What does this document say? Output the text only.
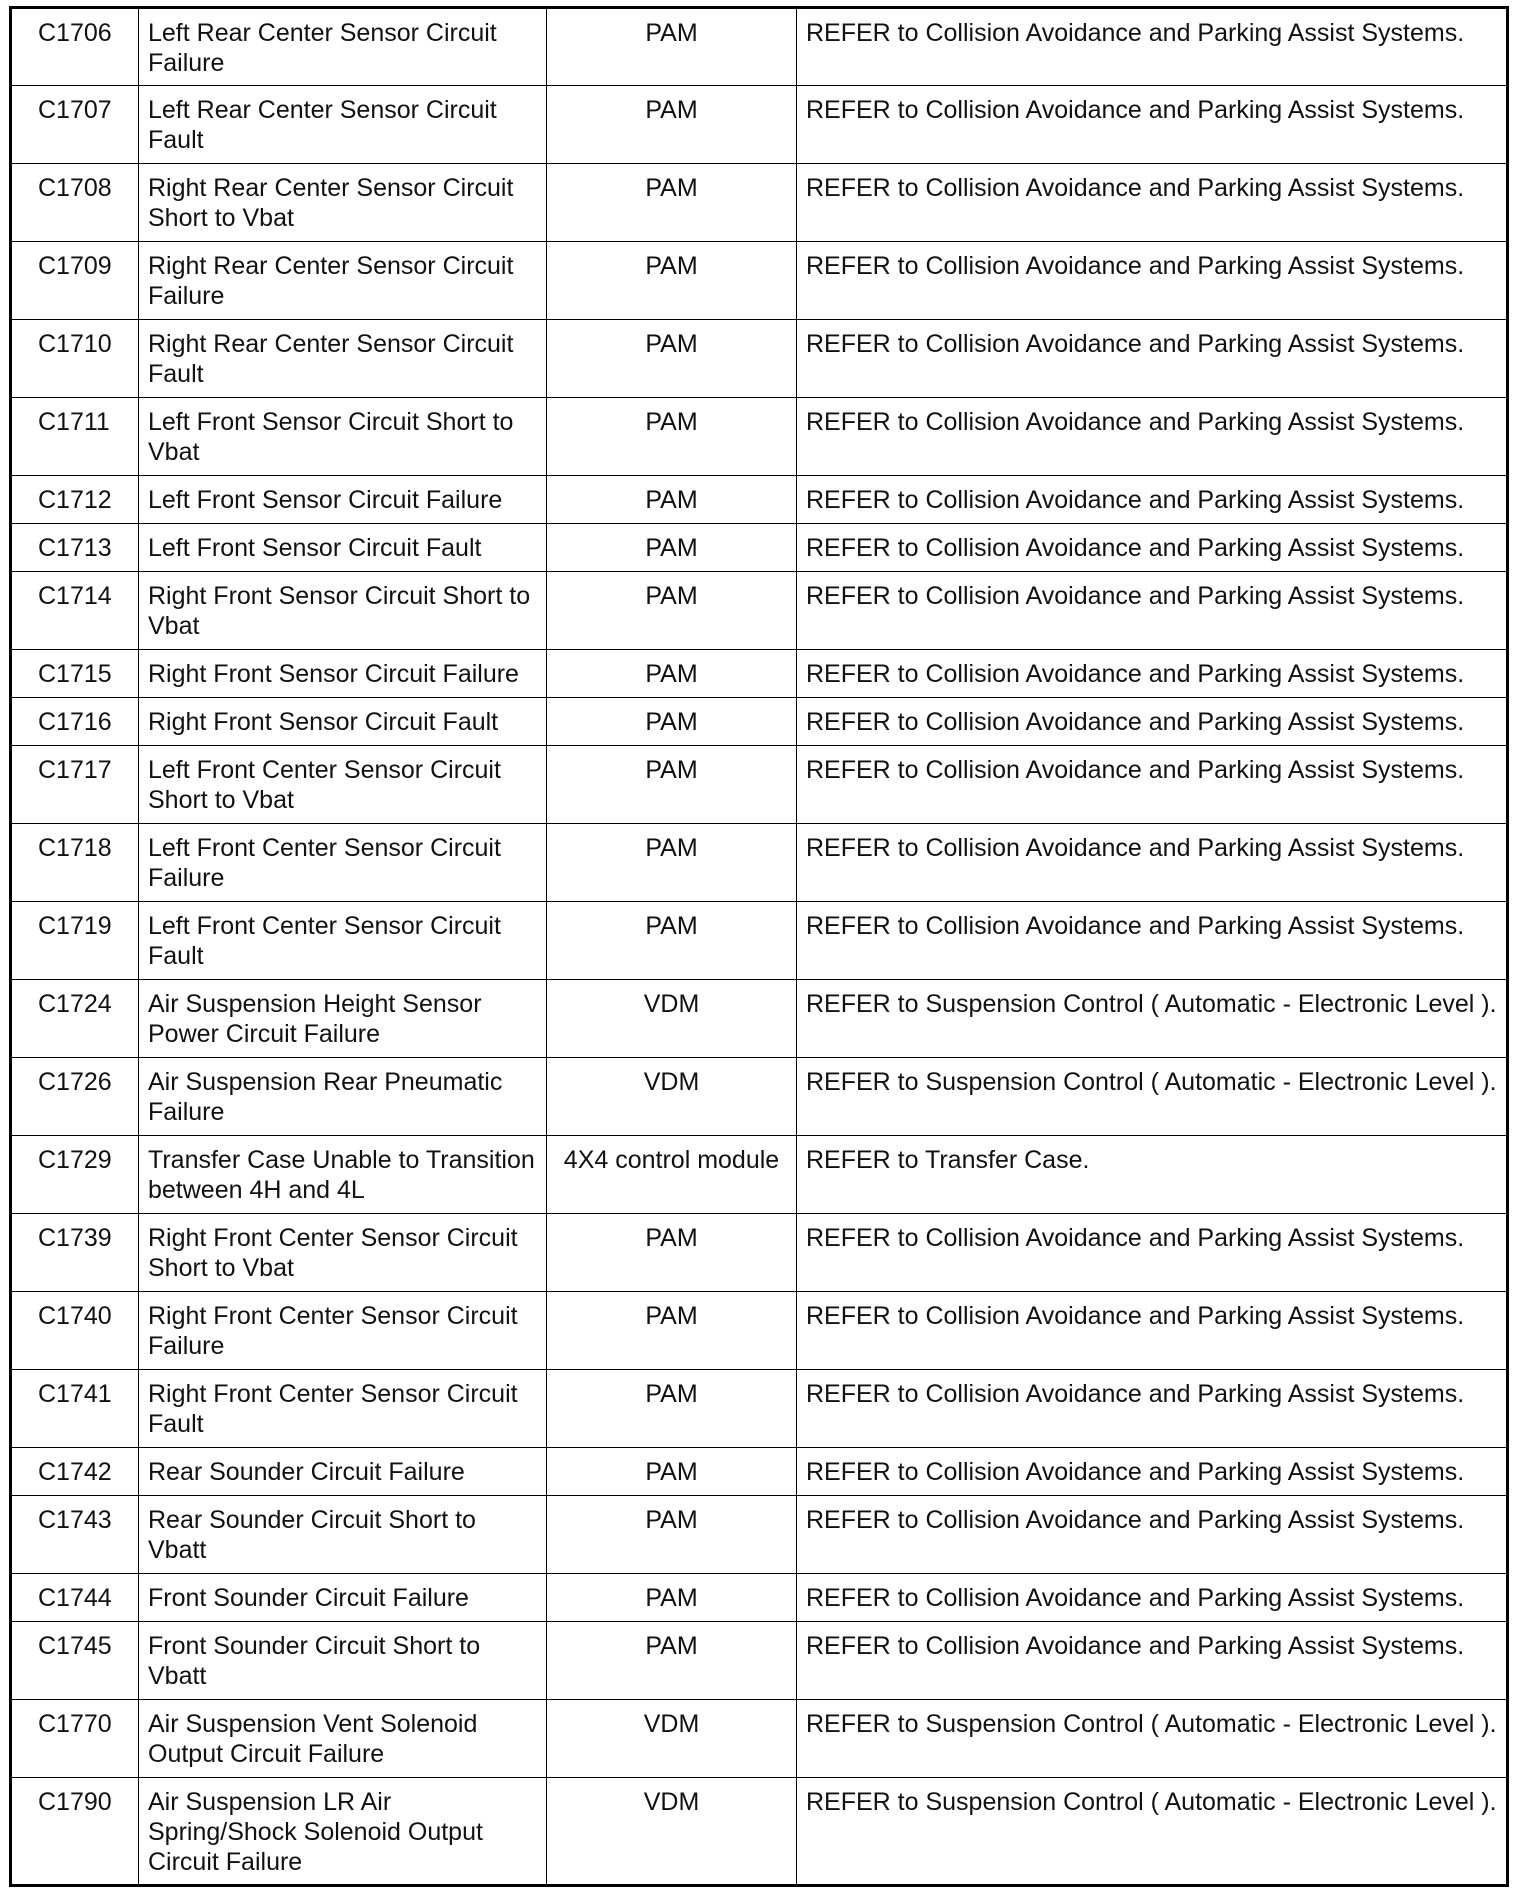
C1706	Left Rear Center Sensor Circuit Failure	PAM	REFER to Collision Avoidance and Parking Assist Systems.
C1707	Left Rear Center Sensor Circuit Fault	PAM	REFER to Collision Avoidance and Parking Assist Systems.
C1708	Right Rear Center Sensor Circuit Short to Vbat	PAM	REFER to Collision Avoidance and Parking Assist Systems.
C1709	Right Rear Center Sensor Circuit Failure	PAM	REFER to Collision Avoidance and Parking Assist Systems.
C1710	Right Rear Center Sensor Circuit Fault	PAM	REFER to Collision Avoidance and Parking Assist Systems.
C1711	Left Front Sensor Circuit Short to Vbat	PAM	REFER to Collision Avoidance and Parking Assist Systems.
C1712	Left Front Sensor Circuit Failure	PAM	REFER to Collision Avoidance and Parking Assist Systems.
C1713	Left Front Sensor Circuit Fault	PAM	REFER to Collision Avoidance and Parking Assist Systems.
C1714	Right Front Sensor Circuit Short to Vbat	PAM	REFER to Collision Avoidance and Parking Assist Systems.
C1715	Right Front Sensor Circuit Failure	PAM	REFER to Collision Avoidance and Parking Assist Systems.
C1716	Right Front Sensor Circuit Fault	PAM	REFER to Collision Avoidance and Parking Assist Systems.
C1717	Left Front Center Sensor Circuit Short to Vbat	PAM	REFER to Collision Avoidance and Parking Assist Systems.
C1718	Left Front Center Sensor Circuit Failure	PAM	REFER to Collision Avoidance and Parking Assist Systems.
C1719	Left Front Center Sensor Circuit Fault	PAM	REFER to Collision Avoidance and Parking Assist Systems.
C1724	Air Suspension Height Sensor Power Circuit Failure	VDM	REFER to Suspension Control ( Automatic - Electronic Level ).
C1726	Air Suspension Rear Pneumatic Failure	VDM	REFER to Suspension Control ( Automatic - Electronic Level ).
C1729	Transfer Case Unable to Transition between 4H and 4L	4X4 control module	REFER to Transfer Case.
C1739	Right Front Center Sensor Circuit Short to Vbat	PAM	REFER to Collision Avoidance and Parking Assist Systems.
C1740	Right Front Center Sensor Circuit Failure	PAM	REFER to Collision Avoidance and Parking Assist Systems.
C1741	Right Front Center Sensor Circuit Fault	PAM	REFER to Collision Avoidance and Parking Assist Systems.
C1742	Rear Sounder Circuit Failure	PAM	REFER to Collision Avoidance and Parking Assist Systems.
C1743	Rear Sounder Circuit Short to Vbatt	PAM	REFER to Collision Avoidance and Parking Assist Systems.
C1744	Front Sounder Circuit Failure	PAM	REFER to Collision Avoidance and Parking Assist Systems.
C1745	Front Sounder Circuit Short to Vbatt	PAM	REFER to Collision Avoidance and Parking Assist Systems.
C1770	Air Suspension Vent Solenoid Output Circuit Failure	VDM	REFER to Suspension Control ( Automatic - Electronic Level ).
C1790	Air Suspension LR Air Spring/Shock Solenoid Output Circuit Failure	VDM	REFER to Suspension Control ( Automatic - Electronic Level ).
